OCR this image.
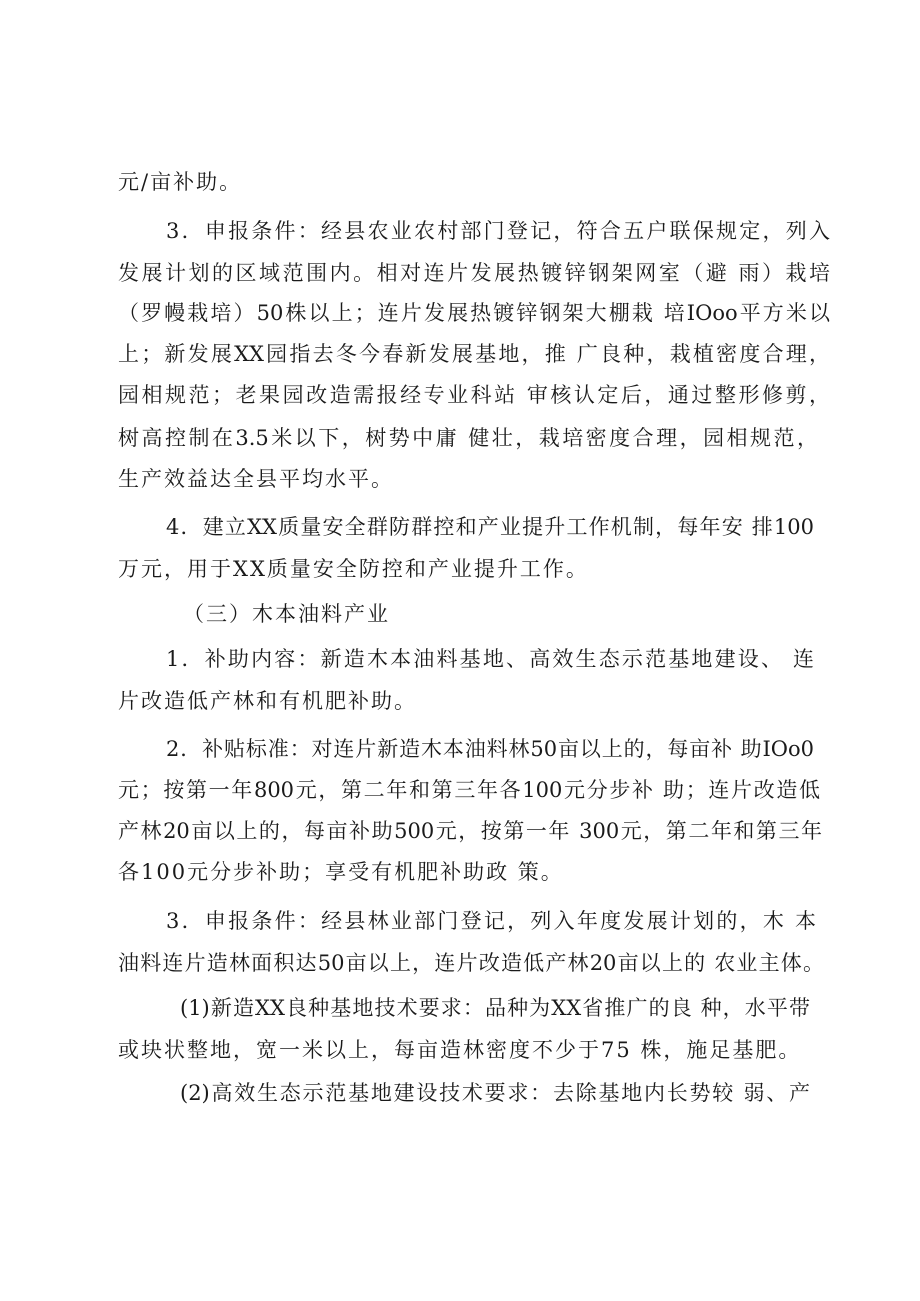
元/亩补助。
3．申报条件：经县农业农村部门登记，符合五户联保规定，列入
发展计划的区域范围内。相对连片发展热镀锌钢架网室（避 雨）栽培
（罗幔栽培）50株以上；连片发展热镀锌钢架大棚栽 培IOoo平方米以
上；新发展XX园指去冬今春新发展基地，推 广良种，栽植密度合理，
园相规范；老果园改造需报经专业科站 审核认定后，通过整形修剪，
树高控制在3.5米以下，树势中庸 健壮，栽培密度合理，园相规范，
生产效益达全县平均水平。
4．建立XX质量安全群防群控和产业提升工作机制，每年安 排100
万元，用于XX质量安全防控和产业提升工作。
（三）木本油料产业
1．补助内容：新造木本油料基地、高效生态示范基地建设、 连
片改造低产林和有机肥补助。
2．补贴标准：对连片新造木本油料林50亩以上的，每亩补 助IOo0
元；按第一年800元，第二年和第三年各100元分步补 助；连片改造低
产林20亩以上的，每亩补助500元，按第一年 300元，第二年和第三年
各100元分步补助；享受有机肥补助政 策。
3．申报条件：经县林业部门登记，列入年度发展计划的，木 本
油料连片造林面积达50亩以上，连片改造低产林20亩以上的 农业主体。
(1)新造XX良种基地技术要求：品种为XX省推广的良 种，水平带
或块状整地，宽一米以上，每亩造林密度不少于75 株，施足基肥。
(2)高效生态示范基地建设技术要求：去除基地内长势较 弱、产
